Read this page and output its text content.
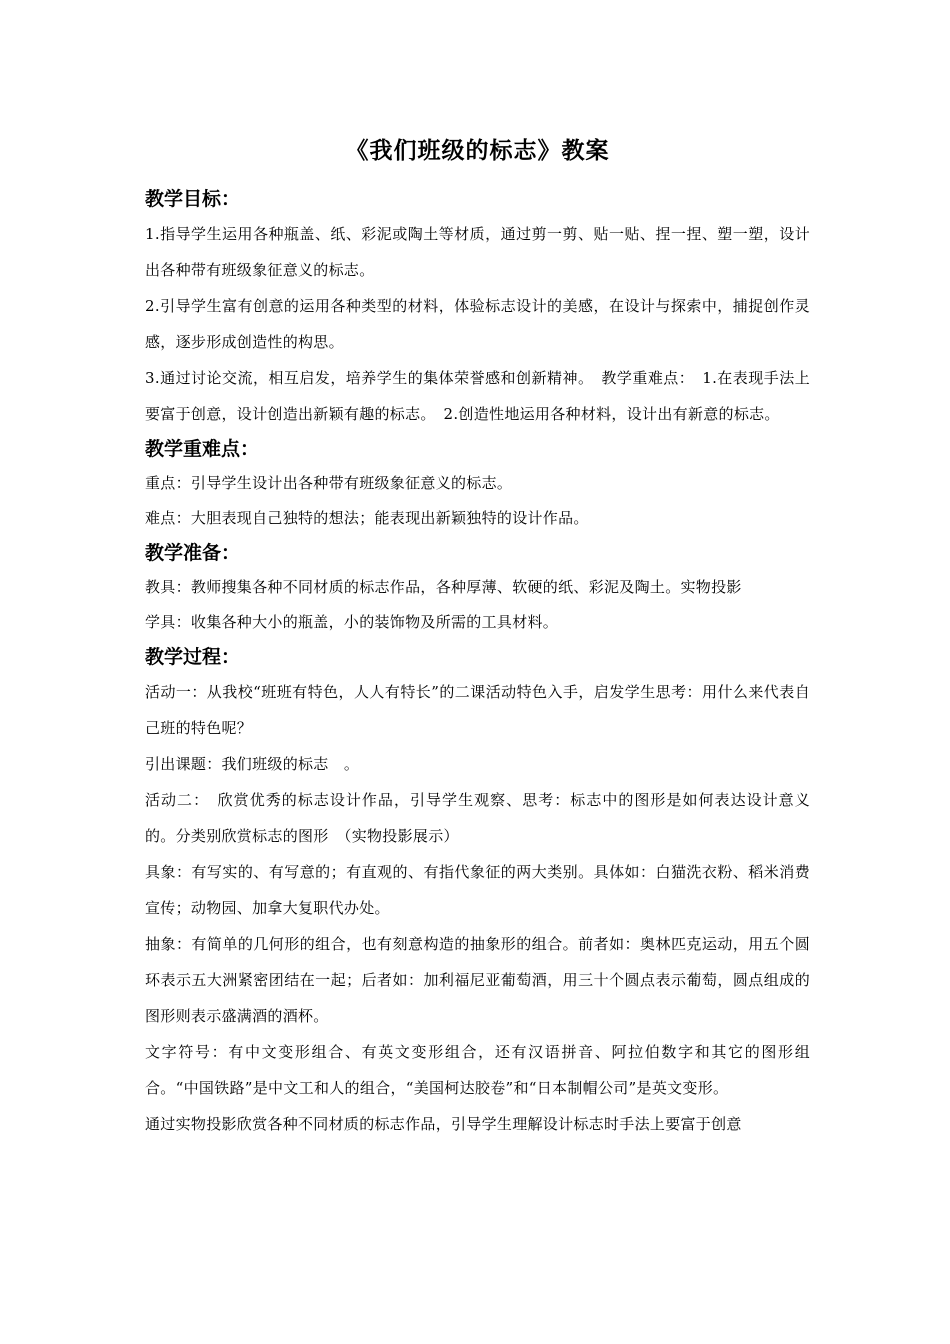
《我们班级的标志》教案
教学目标：
1.指导学生运用各种瓶盖、纸、彩泥或陶土等材质，通过剪一剪、贴一贴、捏一捏、塑一塑，设计出各种带有班级象征意义的标志。
2.引导学生富有创意的运用各种类型的材料，体验标志设计的美感，在设计与探索中，捕捉创作灵感，逐步形成创造性的构思。
3.通过讨论交流，相互启发，培养学生的集体荣誉感和创新精神。　教学重难点：　1.在表现手法上要富于创意，设计创造出新颖有趣的标志。　2.创造性地运用各种材料，设计出有新意的标志。
教学重难点：
重点：引导学生设计出各种带有班级象征意义的标志。
难点：大胆表现自己独特的想法；能表现出新颖独特的设计作品。
教学准备：
教具：教师搜集各种不同材质的标志作品，各种厚薄、软硬的纸、彩泥及陶土。实物投影
学具：收集各种大小的瓶盖，小的装饰物及所需的工具材料。
教学过程：
活动一：从我校“班班有特色，人人有特长”的二课活动特色入手，启发学生思考：用什么来代表自己班的特色呢？
引出课题：我们班级的标志　。
活动二：　欣赏优秀的标志设计作品，引导学生观察、思考：标志中的图形是如何表达设计意义的。分类别欣赏标志的图形　（实物投影展示）
具象：有写实的、有写意的；有直观的、有指代象征的两大类别。具体如：白猫洗衣粉、稻米消费宣传；动物园、加拿大复职代办处。
抽象：有简单的几何形的组合，也有刻意构造的抽象形的组合。前者如：奥林匹克运动，用五个圆环表示五大洲紧密团结在一起；后者如：加利福尼亚葡萄酒，用三十个圆点表示葡萄，圆点组成的图形则表示盛满酒的酒杯。
文字符号：有中文变形组合、有英文变形组合，还有汉语拼音、阿拉伯数字和其它的图形组合。“中国铁路”是中文工和人的组合，“美国柯达胶卷”和“日本制帽公司”是英文变形。
通过实物投影欣赏各种不同材质的标志作品，引导学生理解设计标志时手法上要富于创意
